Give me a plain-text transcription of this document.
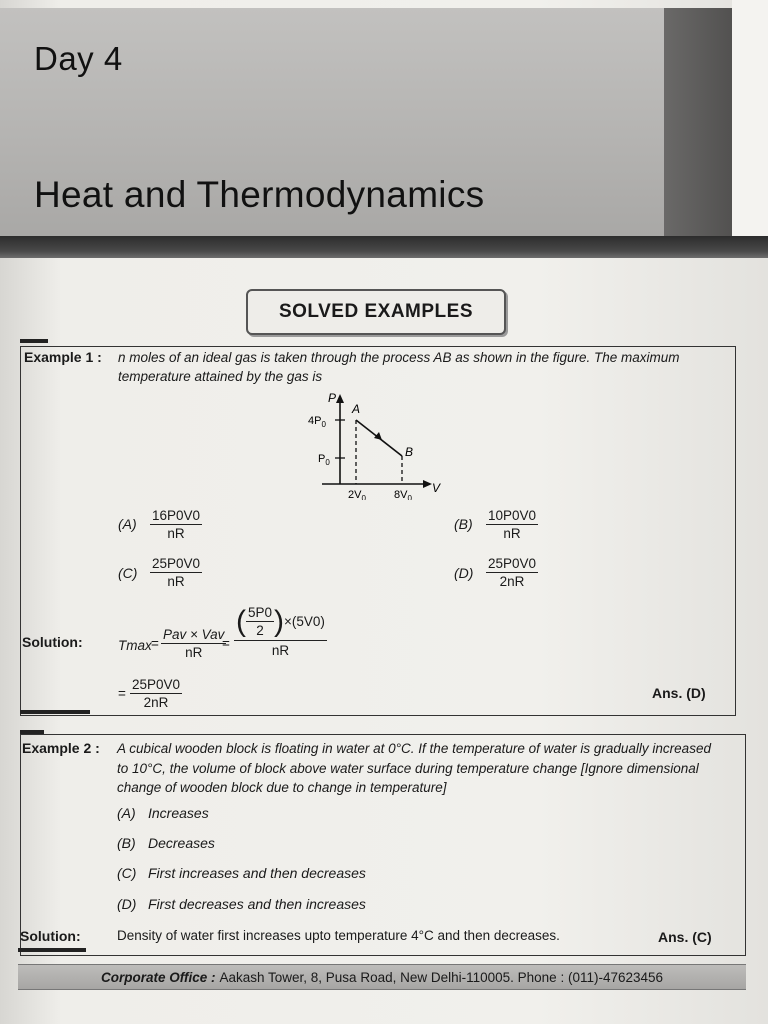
Day 4
Heat and Thermodynamics
SOLVED EXAMPLES
Example 1 : n moles of an ideal gas is taken through the process AB as shown in the figure. The maximum
temperature attained by the gas is
P
V
A
B
$4P_0$
$P_0$
$2V_0$	$8V_0$
$(A) \frac{16P0V0}{nR}$	$(B) \frac{10P0V0}{nR}$
$(C) \frac{25P0V0}{nR}$	$(D) \frac{25P0V0}{2nR}$
Solution:	Tmax =
Pav × Vav
nR
= $\frac{( \frac{5P0}{2} ) \times(5V0)}{nR}$
= $\frac{25P0V0}{2nR}$	Ans. (D)
Example 2 : A cubical wooden block is floating in water at 0°C. If the temperature of water is gradually increased
to 10°C, the volume of block above water surface during temperature change [Ignore dimensional
change of wooden block due to change in temperature]
(A) Increases
(B) Decreases
(C) First increases and then decreases
(D) First decreases and then increases
Solution:	Density of water first increases upto temperature 4°C and then decreases.	Ans. (C)
Corporate Office : Aakash Tower, 8, Pusa Road, New Delhi-110005. Phone : (011)-47623456
